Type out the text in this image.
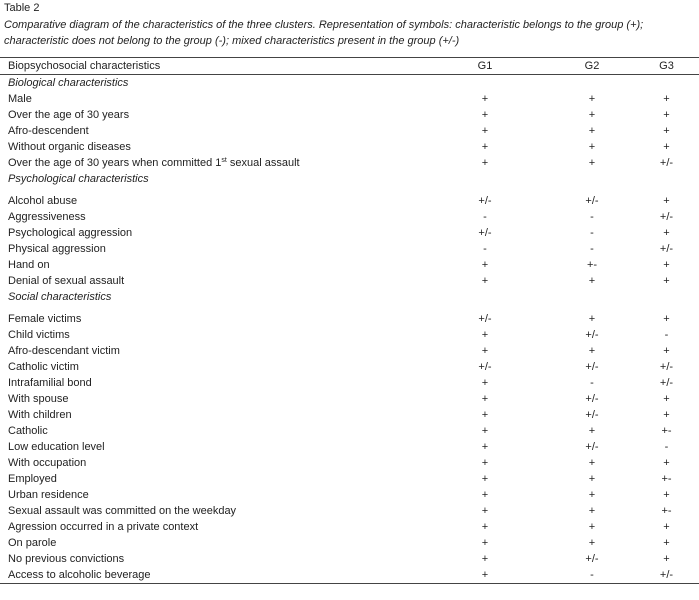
Table 2
Comparative diagram of the characteristics of the three clusters. Representation of symbols: characteristic belongs to the group (+); characteristic does not belong to the group (-); mixed characteristics present in the group (+/-)
Biopsychosocial characteristics	G1	G2	G3

Biological characteristics			
Male	+	+	+
Over the age of 30 years	+	+	+
Afro-descendent	+	+	+
Without organic diseases	+	+	+
Over the age of 30 years when committed 1st sexual assault	+	+	+/-
Psychological characteristics			
Alcohol abuse	+/-	+/-	+
Aggressiveness	-	-	+/-
Psychological aggression	+/-	-	+
Physical aggression	-	-	+/-
Hand on	+	+-	+
Denial of sexual assault	+	+	+
Social characteristics			
Female victims	+/-	+	+
Child victims	+	+/-	-
Afro-descendant victim	+	+	+
Catholic victim	+/-	+/-	+/-
Intrafamilial bond	+	-	+/-
With spouse	+	+/-	+
With children	+	+/-	+
Catholic	+	+	+-
Low education level	+	+/-	-
With occupation	+	+	+
Employed	+	+	+-
Urban residence	+	+	+
Sexual assault was committed on the weekday	+	+	+-
Agression occurred in a private context	+	+	+
On parole	+	+	+
No previous convictions	+	+/-	+
Access to alcoholic beverage	+	-	+/-
